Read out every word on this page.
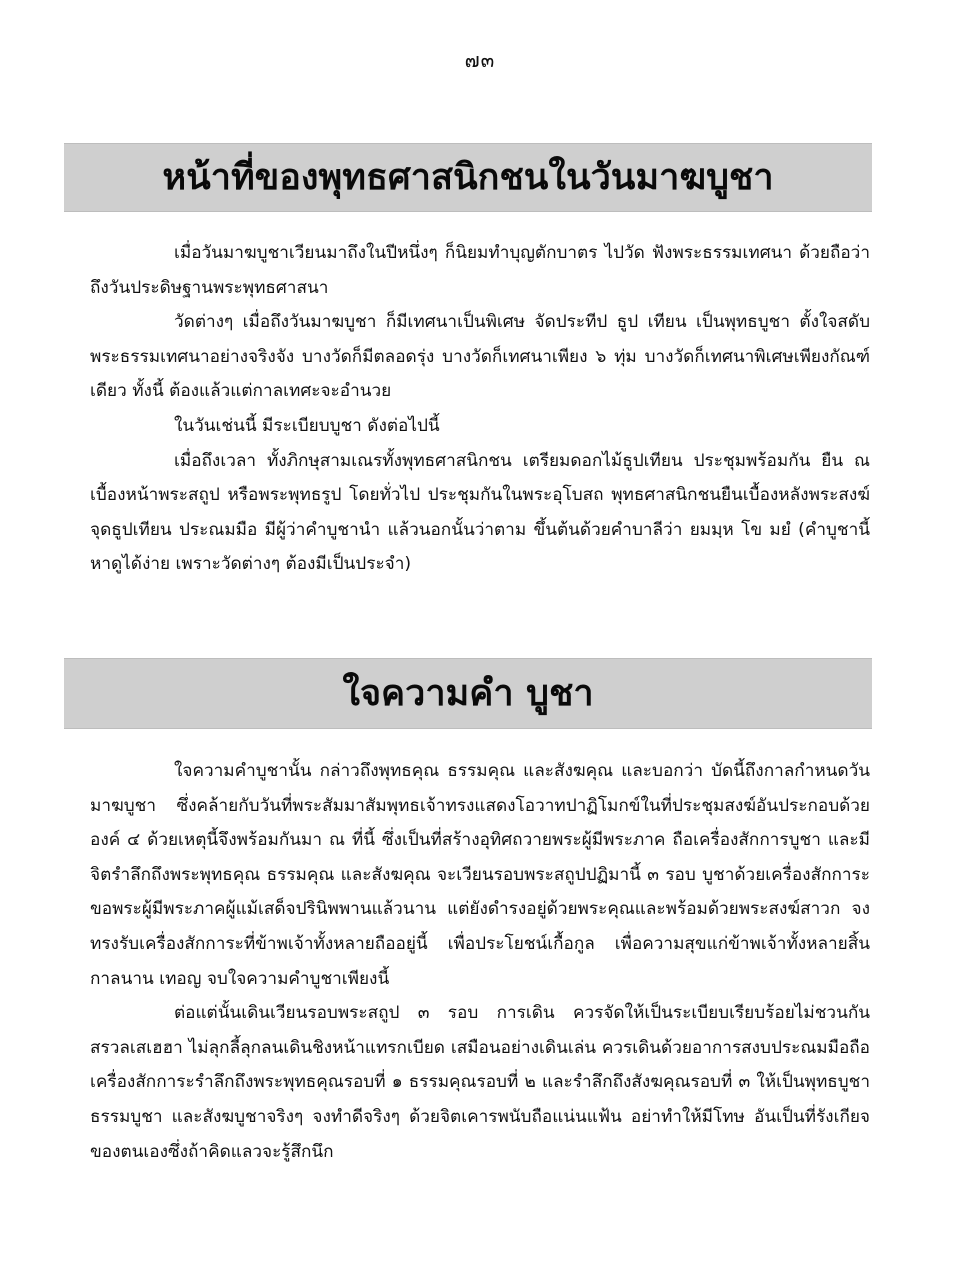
๗๓
หน้าที่ของพุทธศาสนิกชนในวันมาฆบูชา

เมื่อวันมาฆบูชาเวียนมาถึงในปีหนึ่งๆ ก็นิยมทำบุญตักบาตร ไปวัด ฟังพระธรรมเทศนา ด้วยถือว่าถึงวันประดิษฐานพระพุทธศาสนา

วัดต่างๆ เมื่อถึงวันมาฆบูชา ก็มีเทศนาเป็นพิเศษ จัดประทีป ธูป เทียน เป็นพุทธบูชา ตั้งใจสดับพระธรรมเทศนาอย่างจริงจัง บางวัดก็มีตลอดรุ่ง บางวัดก็เทศนาเพียง ๖ ทุ่ม บางวัดก็เทศนาพิเศษเพียงกัณฑ์เดียว ทั้งนี้ ต้องแล้วแต่กาลเทศะจะอำนวย

ในวันเช่นนี้ มีระเบียบบูชา ดังต่อไปนี้

เมื่อถึงเวลา ทั้งภิกษุสามเณรทั้งพุทธศาสนิกชน เตรียมดอกไม้ธูปเทียน ประชุมพร้อมกัน ยืน ณ เบื้องหน้าพระสถูป หรือพระพุทธรูป โดยทั่วไป ประชุมกันในพระอุโบสถ พุทธศาสนิกชนยืนเบื้องหลังพระสงฆ์ จุดธูปเทียน ประณมมือ มีผู้ว่าคำบูชานำ แล้วนอกนั้นว่าตาม ขึ้นต้นด้วยคำบาลีว่า ยมมฺห โข มยํ (คำบูชานี้ หาดูได้ง่าย เพราะวัดต่างๆ ต้องมีเป็นประจำ)

ใจความคำ บูชา

ใจความคำบูชานั้น กล่าวถึงพุทธคุณ ธรรมคุณ และสังฆคุณ และบอกว่า บัดนี้ถึงกาลกำหนดวันมาฆบูชา ซึ่งคล้ายกับวันที่พระสัมมาสัมพุทธเจ้าทรงแสดงโอวาทปาฏิโมกข์ในที่ประชุมสงฆ์อันประกอบด้วยองค์ ๔ ด้วยเหตุนี้จึงพร้อมกันมา ณ ที่นี้ ซึ่งเป็นที่สร้างอุทิศถวายพระผู้มีพระภาค ถือเครื่องสักการบูชา และมีจิตรำลึกถึงพระพุทธคุณ ธรรมคุณ และสังฆคุณ จะเวียนรอบพระสถูปปฏิมานี้ ๓ รอบ บูชาด้วยเครื่องสักการะ ขอพระผู้มีพระภาคผู้แม้เสด็จปรินิพพานแล้วนาน แต่ยังดำรงอยู่ด้วยพระคุณและพร้อมด้วยพระสงฆ์สาวก จงทรงรับเครื่องสักการะที่ข้าพเจ้าทั้งหลายถืออยู่นี้ เพื่อประโยชน์เกื้อกูล เพื่อความสุขแก่ข้าพเจ้าทั้งหลายสิ้นกาลนาน เทอญ จบใจความคำบูชาเพียงนี้

ต่อแต่นั้นเดินเวียนรอบพระสถูป ๓ รอบ การเดิน ควรจัดให้เป็นระเบียบเรียบร้อยไม่ชวนกันสรวลเสเฮฮา ไม่ลุกลี้ลุกลนเดินชิงหน้าแทรกเบียด เสมือนอย่างเดินเล่น ควรเดินด้วยอาการสงบประณมมือถือเครื่องสักการะรำลึกถึงพระพุทธคุณรอบที่ ๑ ธรรมคุณรอบที่ ๒ และรำลึกถึงสังฆคุณรอบที่ ๓ ให้เป็นพุทธบูชา ธรรมบูชา และสังฆบูชาจริงๆ จงทำดีจริงๆ ด้วยจิตเคารพนับถือแน่นแฟ้น อย่าทำให้มีโทษ อันเป็นที่รังเกียจของตนเองซึ่งถ้าคิดแลวจะรู้สึกนึก
